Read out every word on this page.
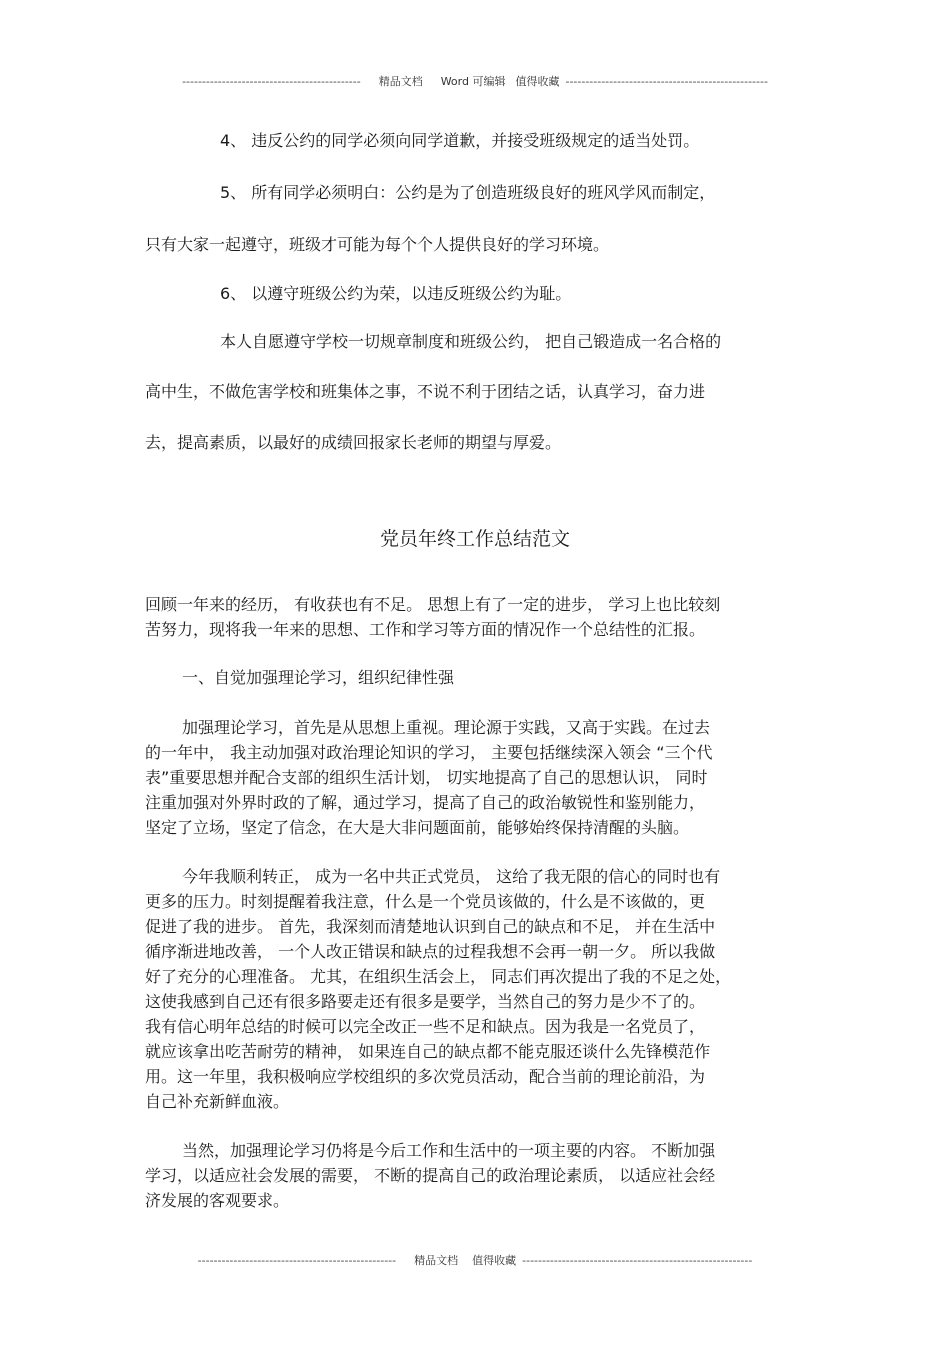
--------------------------------------------- 精品文档 Word 可编辑 值得收藏 ---------------------------------------------------
4、 违反公约的同学必须向同学道歉，并接受班级规定的适当处罚。
5、 所有同学必须明白：公约是为了创造班级良好的班风学风而制定，
只有大家一起遵守，班级才可能为每个个人提供良好的学习环境。
6、 以遵守班级公约为荣，以违反班级公约为耻。
本人自愿遵守学校一切规章制度和班级公约， 把自己锻造成一名合格的
高中生，不做危害学校和班集体之事，不说不利于团结之话，认真学习，奋力进
去，提高素质，以最好的成绩回报家长老师的期望与厚爱。
党员年终工作总结范文
回顾一年来的经历， 有收获也有不足。 思想上有了一定的进步， 学习上也比较刻
苦努力，现将我一年来的思想、工作和学习等方面的情况作一个总结性的汇报。
一、自觉加强理论学习，组织纪律性强
加强理论学习，首先是从思想上重视。理论源于实践，又高于实践。在过去
的一年中， 我主动加强对政治理论知识的学习， 主要包括继续深入领会 “三个代
表”重要思想并配合支部的组织生活计划， 切实地提高了自己的思想认识， 同时
注重加强对外界时政的了解，通过学习，提高了自己的政治敏锐性和鉴别能力，
坚定了立场，坚定了信念，在大是大非问题面前，能够始终保持清醒的头脑。
今年我顺利转正， 成为一名中共正式党员， 这给了我无限的信心的同时也有
更多的压力。时刻提醒着我注意，什么是一个党员该做的，什么是不该做的，更
促进了我的进步。 首先，我深刻而清楚地认识到自己的缺点和不足， 并在生活中
循序渐进地改善， 一个人改正错误和缺点的过程我想不会再一朝一夕。 所以我做
好了充分的心理准备。 尤其，在组织生活会上， 同志们再次提出了我的不足之处，
这使我感到自己还有很多路要走还有很多是要学，当然自己的努力是少不了的。
我有信心明年总结的时候可以完全改正一些不足和缺点。因为我是一名党员了，
就应该拿出吃苦耐劳的精神， 如果连自己的缺点都不能克服还谈什么先锋模范作
用。这一年里，我积极响应学校组织的多次党员活动，配合当前的理论前沿，为
自己补充新鲜血液。
当然，加强理论学习仍将是今后工作和生活中的一项主要的内容。 不断加强
学习，以适应社会发展的需要， 不断的提高自己的政治理论素质， 以适应社会经
济发展的客观要求。
-------------------------------------------------- 精品文档 值得收藏 ----------------------------------------------------------
